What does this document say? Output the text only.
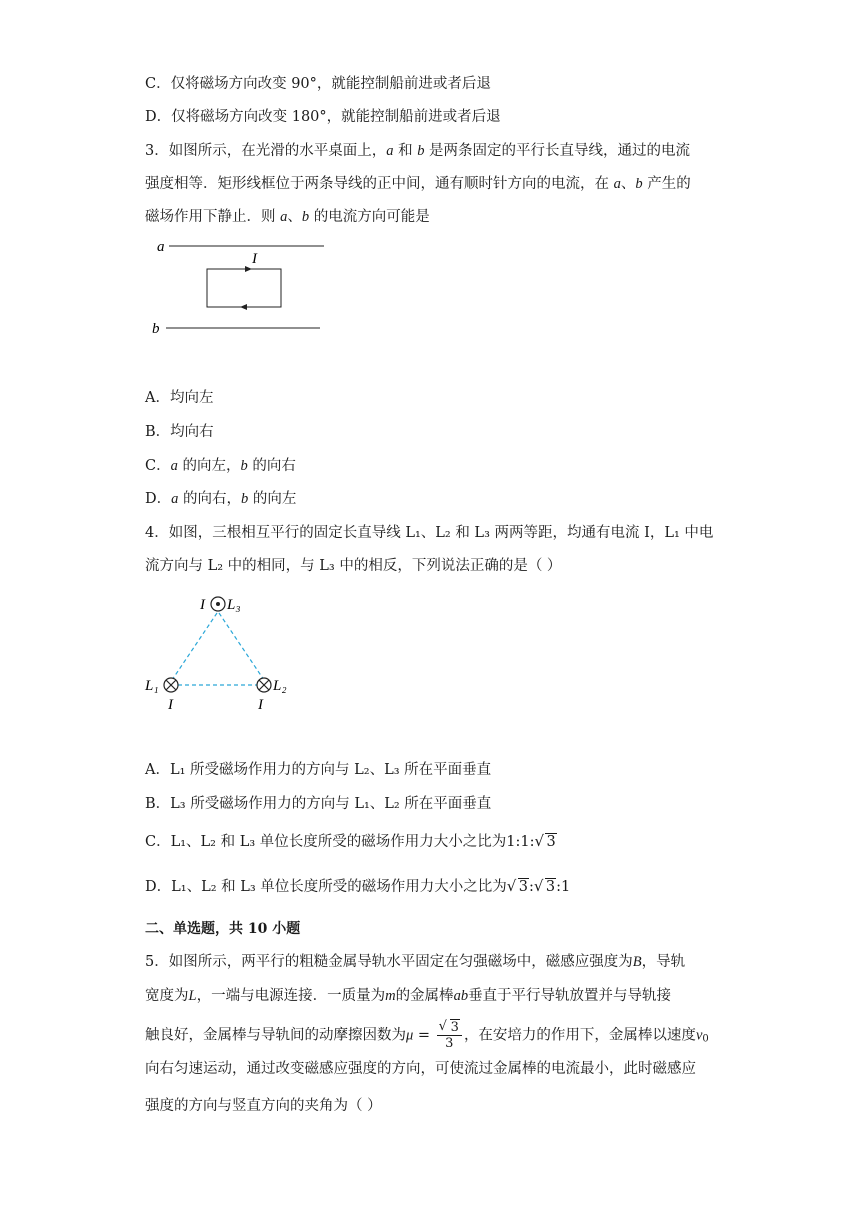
C．仅将磁场方向改变 90°，就能控制船前进或者后退
D．仅将磁场方向改变 180°，就能控制船前进或者后退
3．如图所示，在光滑的水平桌面上，a 和 b 是两条固定的平行长直导线，通过的电流
强度相等．矩形线框位于两条导线的正中间，通有顺时针方向的电流，在 a、b 产生的
磁场作用下静止．则 a、b 的电流方向可能是
a
I
b
A．均向左
B．均向右
C．a 的向左，b 的向右
D．a 的向右，b 的向左
4．如图，三根相互平行的固定长直导线 L₁、L₂ 和 L₃ 两两等距，均通有电流 I，L₁ 中电
流方向与 L₂ 中的相同，与 L₃ 中的相反，下列说法正确的是（ ）
I L₃
L₁
I
L₂
I
A．L₁ 所受磁场作用力的方向与 L₂、L₃ 所在平面垂直
B．L₃ 所受磁场作用力的方向与 L₁、L₂ 所在平面垂直
C．L₁、L₂ 和 L₃ 单位长度所受的磁场作用力大小之比为1:1: √ 3
D．L₁、L₂ 和 L₃ 单位长度所受的磁场作用力大小之比为 √ 3: √ 3:1
二、单选题，共 10 小题
5．如图所示，两平行的粗糙金属导轨水平固定在匀强磁场中，磁感应强度为B，导轨
宽度为L，一端与电源连接．一质量为m的金属棒ab垂直于平行导轨放置并与导轨接
触良好，金属棒与导轨间的动摩擦因数为$\mu = \frac{√ 3}{3}$ ，在安培力的作用下，金属棒以速度$v_0$
向右匀速运动，通过改变磁感应强度的方向，可使流过金属棒的电流最小，此时磁感应
强度的方向与竖直方向的夹角为（ ）
